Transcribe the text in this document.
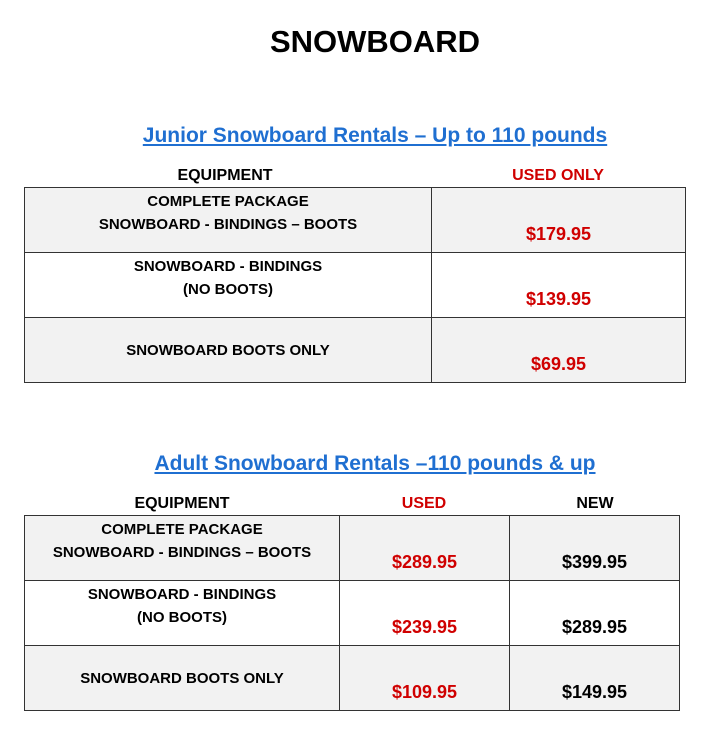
SNOWBOARD
Junior Snowboard Rentals – Up to 110 pounds
EQUIPMENT	USED ONLY
COMPLETE PACKAGE
SNOWBOARD - BINDINGS – BOOTS	$179.95

SNOWBOARD - BINDINGS
(NO BOOTS)	$139.95

SNOWBOARD BOOTS ONLY	$69.95
Adult Snowboard Rentals –110 pounds & up
EQUIPMENT	USED	NEW
COMPLETE PACKAGE
SNOWBOARD - BINDINGS – BOOTS	$289.95	$399.95

SNOWBOARD - BINDINGS
(NO BOOTS)	$239.95	$289.95

SNOWBOARD BOOTS ONLY	$109.95	$149.95
